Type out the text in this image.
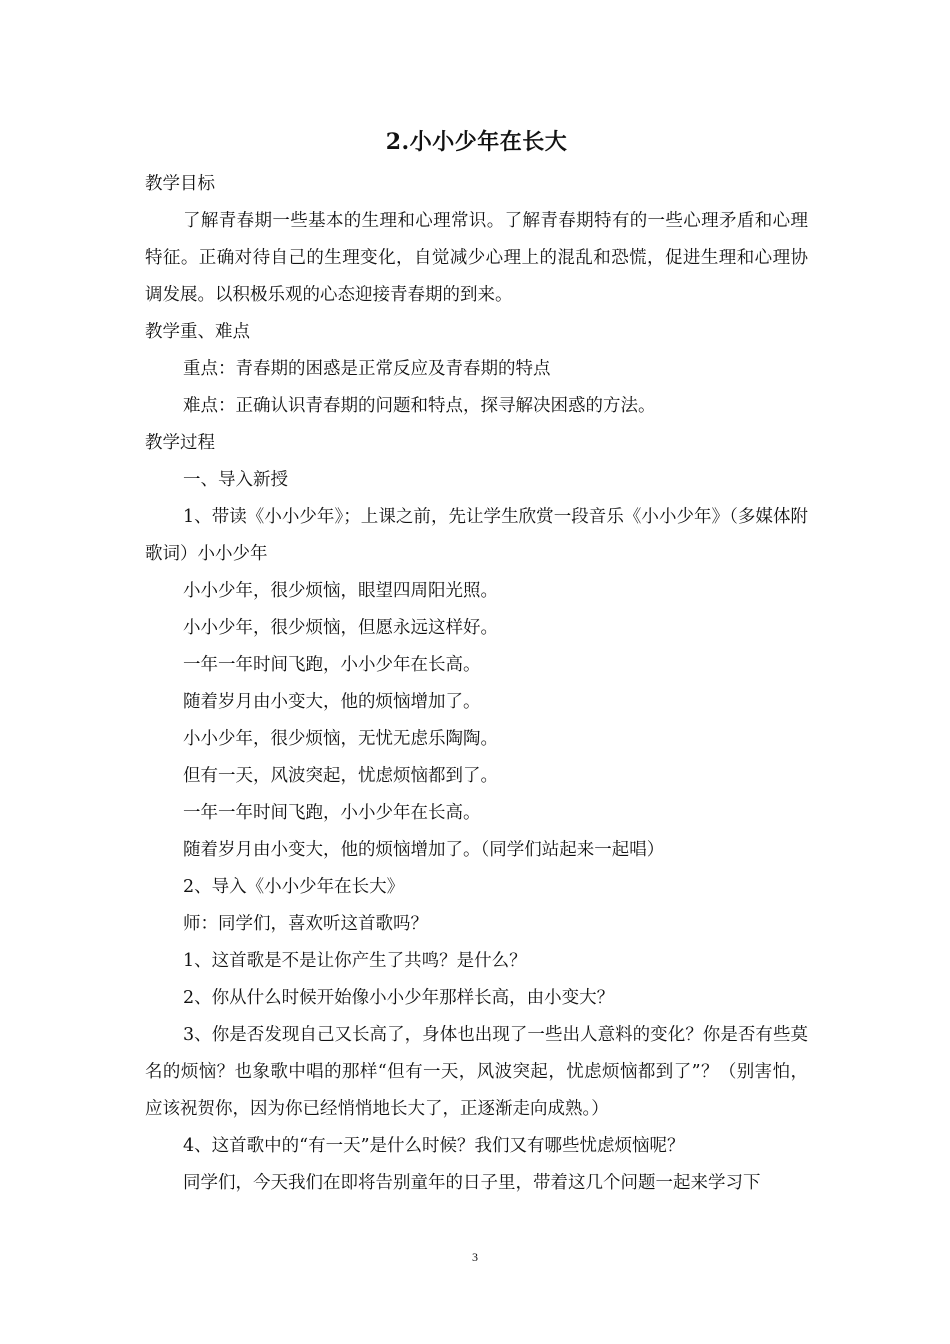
2.小小少年在长大

教学目标

了解青春期一些基本的生理和心理常识。了解青春期特有的一些心理矛盾和心理特征。正确对待自己的生理变化，自觉减少心理上的混乱和恐慌，促进生理和心理协调发展。以积极乐观的心态迎接青春期的到来。

教学重、难点

重点：青春期的困惑是正常反应及青春期的特点

难点：正确认识青春期的问题和特点，探寻解决困惑的方法。

教学过程

一、导入新授

1、带读《小小少年》；上课之前，先让学生欣赏一段音乐《小小少年》（多媒体附歌词）小小少年

小小少年，很少烦恼，眼望四周阳光照。

小小少年，很少烦恼，但愿永远这样好。

一年一年时间飞跑，小小少年在长高。

随着岁月由小变大，他的烦恼增加了。

小小少年，很少烦恼，无忧无虑乐陶陶。

但有一天，风波突起，忧虑烦恼都到了。

一年一年时间飞跑，小小少年在长高。

随着岁月由小变大，他的烦恼增加了。（同学们站起来一起唱）

2、导入《小小少年在长大》

师：同学们，喜欢听这首歌吗？

1、这首歌是不是让你产生了共鸣？是什么？

2、你从什么时候开始像小小少年那样长高，由小变大？

3、你是否发现自己又长高了，身体也出现了一些出人意料的变化？你是否有些莫名的烦恼？也象歌中唱的那样“但有一天，风波突起，忧虑烦恼都到了”？（别害怕，应该祝贺你，因为你已经悄悄地长大了，正逐渐走向成熟。）

4、这首歌中的“有一天”是什么时候？我们又有哪些忧虑烦恼呢？

同学们，今天我们在即将告别童年的日子里，带着这几个问题一起来学习下

3
